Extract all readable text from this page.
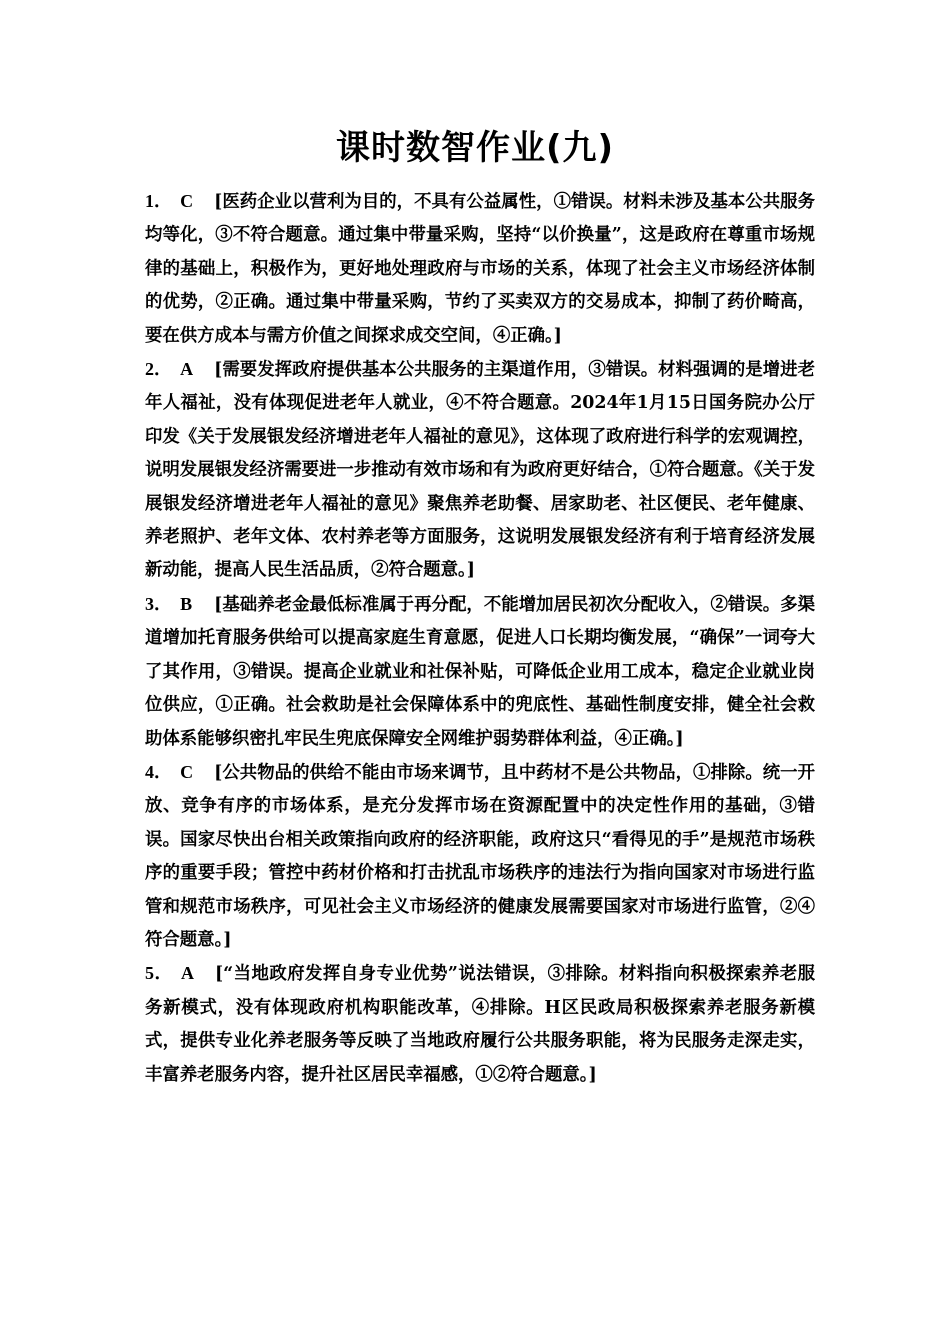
课时数智作业(九)

1． C [医药企业以营利为目的，不具有公益属性，①错误。材料未涉及基本公共服务均等化，③不符合题意。通过集中带量采购，坚持“以价换量”，这是政府在尊重市场规律的基础上，积极作为，更好地处理政府与市场的关系，体现了社会主义市场经济体制的优势，②正确。通过集中带量采购，节约了买卖双方的交易成本，抑制了药价畸高，要在供方成本与需方价值之间探求成交空间，④正确。]

2． A [需要发挥政府提供基本公共服务的主渠道作用，③错误。材料强调的是增进老年人福祉，没有体现促进老年人就业，④不符合题意。2024年1月15日国务院办公厅印发《关于发展银发经济增进老年人福祉的意见》，这体现了政府进行科学的宏观调控，说明发展银发经济需要进一步推动有效市场和有为政府更好结合，①符合题意。《关于发展银发经济增进老年人福祉的意见》聚焦养老助餐、居家助老、社区便民、老年健康、养老照护、老年文体、农村养老等方面服务，这说明发展银发经济有利于培育经济发展新动能，提高人民生活品质，②符合题意。]

3． B [基础养老金最低标准属于再分配，不能增加居民初次分配收入，②错误。多渠道增加托育服务供给可以提高家庭生育意愿，促进人口长期均衡发展，“确保”一词夸大了其作用，③错误。提高企业就业和社保补贴，可降低企业用工成本，稳定企业就业岗位供应，①正确。社会救助是社会保障体系中的兜底性、基础性制度安排，健全社会救助体系能够织密扎牢民生兜底保障安全网维护弱势群体利益，④正确。]

4． C [公共物品的供给不能由市场来调节，且中药材不是公共物品，①排除。统一开放、竞争有序的市场体系，是充分发挥市场在资源配置中的决定性作用的基础，③错误。国家尽快出台相关政策指向政府的经济职能，政府这只“看得见的手”是规范市场秩序的重要手段；管控中药材价格和打击扰乱市场秩序的违法行为指向国家对市场进行监管和规范市场秩序，可见社会主义市场经济的健康发展需要国家对市场进行监管，②④符合题意。]

5． A [“当地政府发挥自身专业优势”说法错误，③排除。材料指向积极探索养老服务新模式，没有体现政府机构职能改革，④排除。H区民政局积极探索养老服务新模式，提供专业化养老服务等反映了当地政府履行公共服务职能，将为民服务走深走实，丰富养老服务内容，提升社区居民幸福感，①②符合题意。]
